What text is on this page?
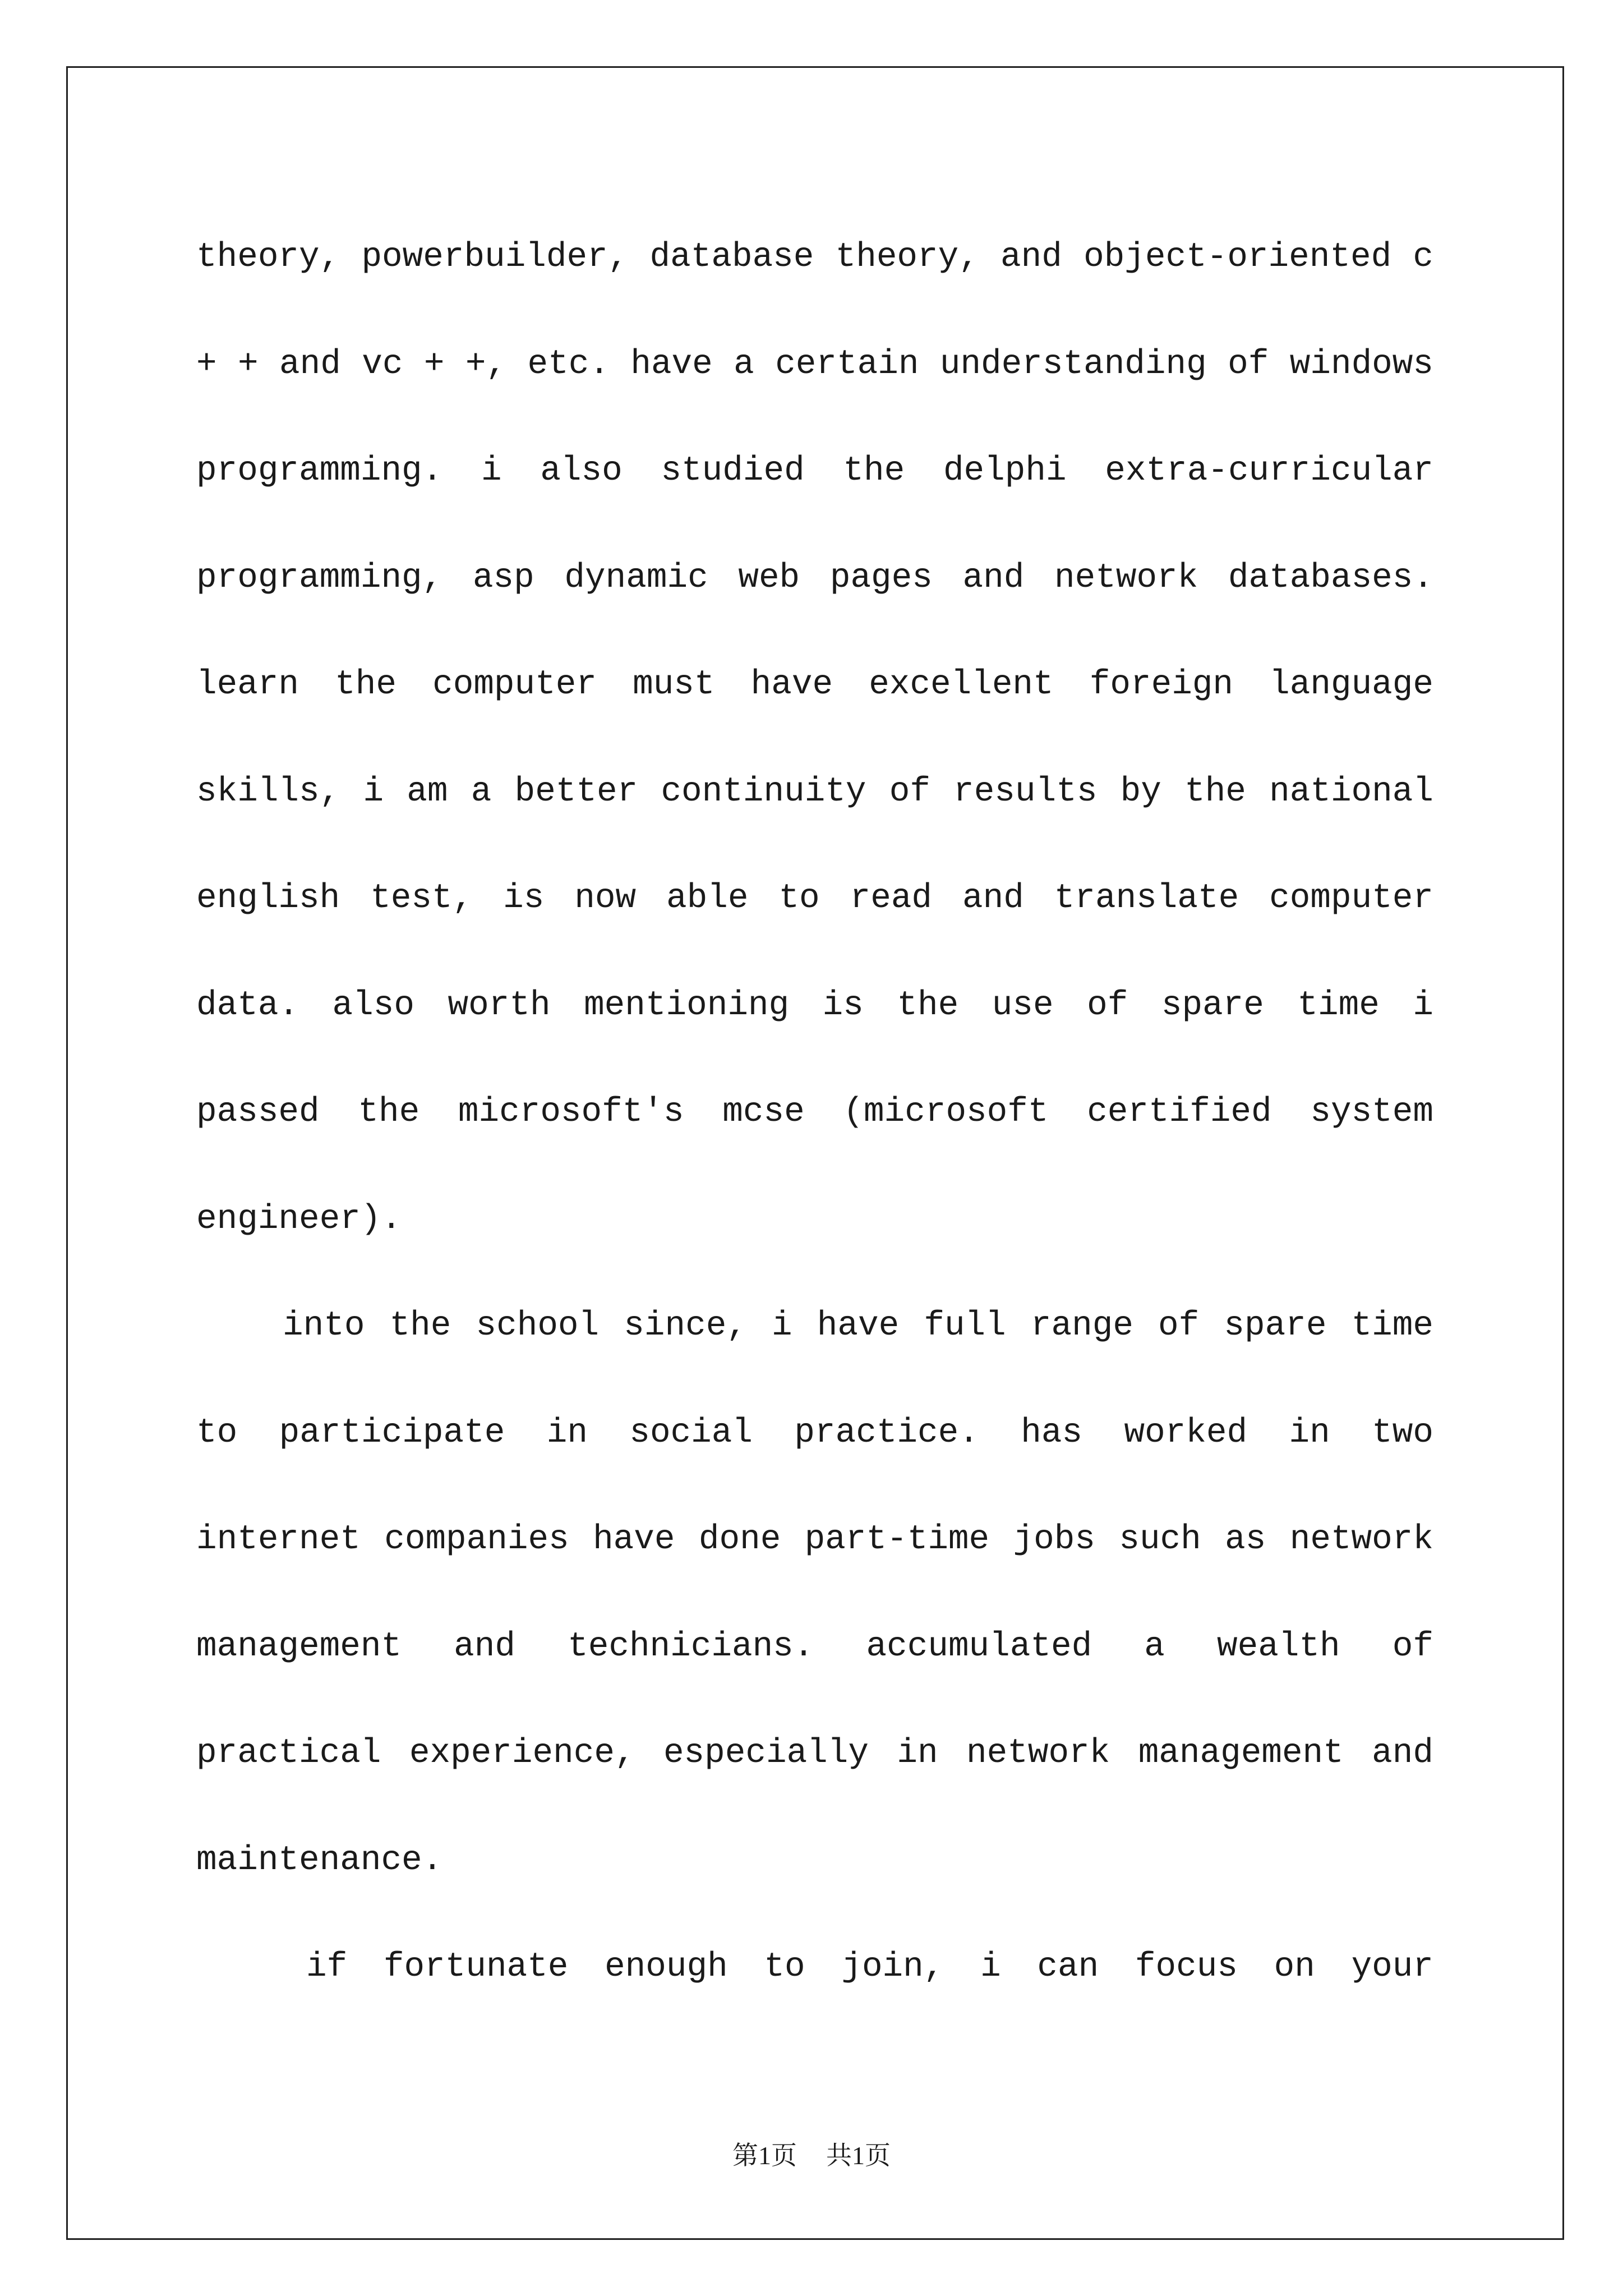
theory, powerbuilder, database theory, and object-oriented c
+ + and vc + +, etc. have a certain understanding of windows
programming. i also studied the delphi extra-curricular
programming, asp dynamic web pages and network databases.
learn the computer must have excellent foreign language
skills, i am a better continuity of results by the national
english test, is now able to read and translate computer
data. also worth mentioning is the use of spare time i
passed the microsoft's mcse (microsoft certified system
engineer).
into the school since, i have full range of spare time
to participate in social practice. has worked in two
internet companies have done part-time jobs such as network
management and technicians. accumulated a wealth of
practical experience, especially in network management and
maintenance.
if fortunate enough to join, i can focus on your
第1页 共1页
